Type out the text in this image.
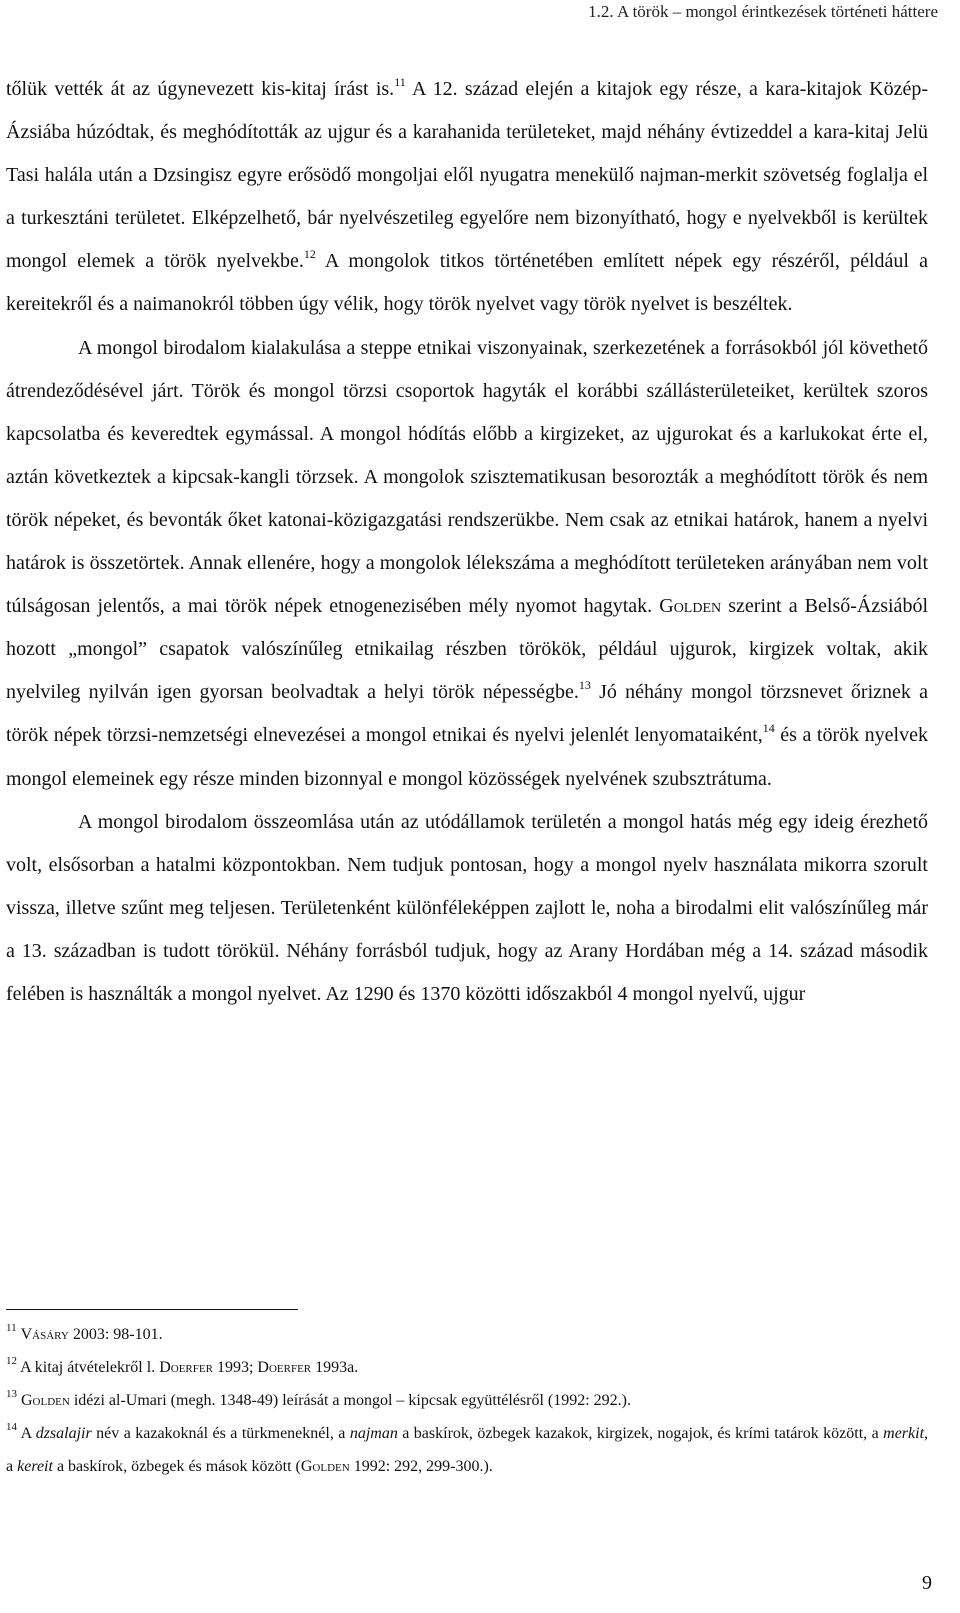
1.2. A török – mongol érintkezések történeti háttere

tőlük vették át az úgynevezett kis-kitaj írást is.$^{11}$ A 12. század elején a kitajok egy része, a kara-kitajok Közép-Ázsiába húzódtak, és meghódították az ujgur és a karahanida területeket, majd néhány évtizeddel a kara-kitaj Jelü Tasi halála után a Dzsingisz egyre erősödő mongoljai elől nyugatra menekülő najman-merkit szövetség foglalja el a turkesztáni területet. Elképzelhető, bár nyelvészetileg egyelőre nem bizonyítható, hogy e nyelvekből is kerültek mongol elemek a török nyelvekbe.$^{12}$ A mongolok titkos történetében említett népek egy részéről, például a kereitekről és a naimanokról többen úgy vélik, hogy török nyelvet vagy török nyelvet is beszéltek.

A mongol birodalom kialakulása a steppe etnikai viszonyainak, szerkezetének a forrásokból jól követhető átrendeződésével járt. Török és mongol törzsi csoportok hagyták el korábbi szállásterületeiket, kerültek szoros kapcsolatba és keveredtek egymással. A mongol hódítás előbb a kirgizeket, az ujgurokat és a karlukokat érte el, aztán következtek a kipcsak-kangli törzsek. A mongolok szisztematikusan besorozták a meghódított török és nem török népeket, és bevonták őket katonai-közigazgatási rendszerükbe. Nem csak az etnikai határok, hanem a nyelvi határok is összetörtek. Annak ellenére, hogy a mongolok lélekszáma a meghódított területeken arányában nem volt túlságosan jelentős, a mai török népek etnogenezisében mély nyomot hagytak. Golden szerint a Belső-Ázsiából hozott „mongol” csapatok valószínűleg etnikailag részben törökök, például ujgurok, kirgizek voltak, akik nyelvileg nyilván igen gyorsan beolvadtak a helyi török népességbe.$^{13}$ Jó néhány mongol törzsnevet őriznek a török népek törzsi-nemzetségi elnevezései a mongol etnikai és nyelvi jelenlét lenyomataiként,$^{14}$ és a török nyelvek mongol elemeinek egy része minden bizonnyal e mongol közösségek nyelvének szubsztrátuma.

A mongol birodalom összeomlása után az utódállamok területén a mongol hatás még egy ideig érezhető volt, elsősorban a hatalmi központokban. Nem tudjuk pontosan, hogy a mongol nyelv használata mikorra szorult vissza, illetve szűnt meg teljesen. Területenként különféleképpen zajlott le, noha a birodalmi elit valószínűleg már a 13. században is tudott törökül. Néhány forrásból tudjuk, hogy az Arany Hordában még a 14. század második felében is használták a mongol nyelvet. Az 1290 és 1370 közötti időszakból 4 mongol nyelvű, ujgur

$^{11}$ Vásáry 2003: 98-101.

$^{12}$ A kitaj átvételekről l. Doerfer 1993; Doerfer 1993a.

$^{13}$ Golden idézi al-Umari (megh. 1348-49) leírását a mongol – kipcsak együttélésről (1992: 292.).

$^{14}$ A dzsalajir név a kazakoknál és a türkmeneknél, a najman a baskírok, özbegek kazakok, kirgizek, nogajok, és krími tatárok között, a merkit, a kereit a baskírok, özbegek és mások között (Golden 1992: 292, 299-300.).

9
